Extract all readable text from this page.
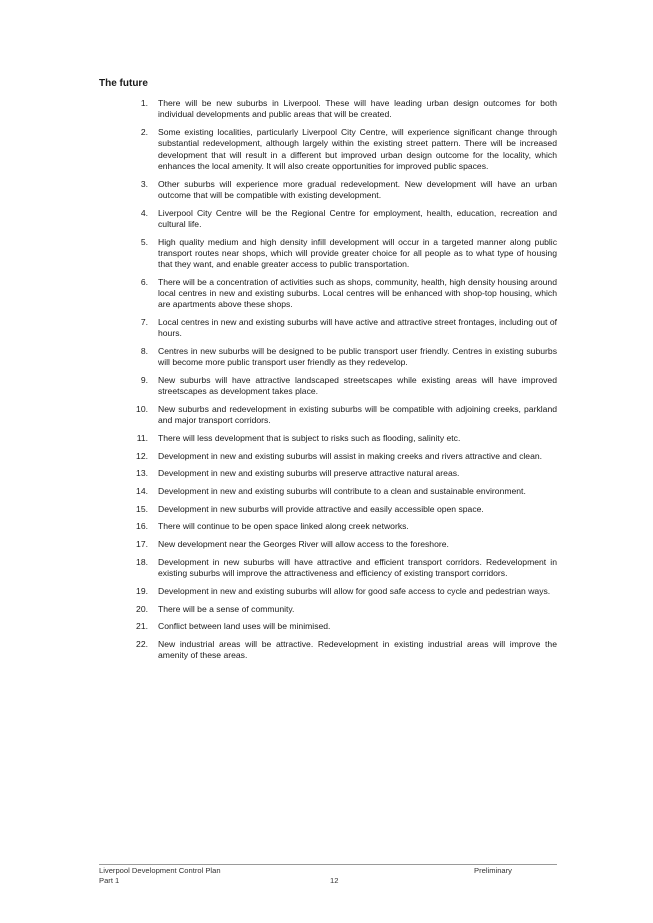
The future
1.	There will be new suburbs in Liverpool. These will have leading urban design outcomes for both individual developments and public areas that will be created.
2.	Some existing localities, particularly Liverpool City Centre, will experience significant change through substantial redevelopment, although largely within the existing street pattern. There will be increased development that will result in a different but improved urban design outcome for the locality, which enhances the local amenity. It will also create opportunities for improved public spaces.
3.	Other suburbs will experience more gradual redevelopment. New development will have an urban outcome that will be compatible with existing development.
4.	Liverpool City Centre will be the Regional Centre for employment, health, education, recreation and cultural life.
5.	High quality medium and high density infill development will occur in a targeted manner along public transport routes near shops, which will provide greater choice for all people as to what type of housing that they want, and enable greater access to public transportation.
6.	There will be a concentration of activities such as shops, community, health, high density housing around local centres in new and existing suburbs. Local centres will be enhanced with shop-top housing, which are apartments above these shops.
7.	Local centres in new and existing suburbs will have active and attractive street frontages, including out of hours.
8.	Centres in new suburbs will be designed to be public transport user friendly. Centres in existing suburbs will become more public transport user friendly as they redevelop.
9.	New suburbs will have attractive landscaped streetscapes while existing areas will have improved streetscapes as development takes place.
10.	New suburbs and redevelopment in existing suburbs will be compatible with adjoining creeks, parkland and major transport corridors.
11.	There will less development that is subject to risks such as flooding, salinity etc.
12.	Development in new and existing suburbs will assist in making creeks and rivers attractive and clean.
13.	Development in new and existing suburbs will preserve attractive natural areas.
14.	Development in new and existing suburbs will contribute to a clean and sustainable environment.
15.	Development in new suburbs will provide attractive and easily accessible open space.
16.	There will continue to be open space linked along creek networks.
17.	New development near the Georges River will allow access to the foreshore.
18.	Development in new suburbs will have attractive and efficient transport corridors. Redevelopment in existing suburbs will improve the attractiveness and efficiency of existing transport corridors.
19.	Development in new and existing suburbs will allow for good safe access to cycle and pedestrian ways.
20.	There will be a sense of community.
21.	Conflict between land uses will be minimised.
22.	New industrial areas will be attractive. Redevelopment in existing industrial areas will improve the amenity of these areas.
Liverpool Development Control Plan
Part 1	12
Preliminary
